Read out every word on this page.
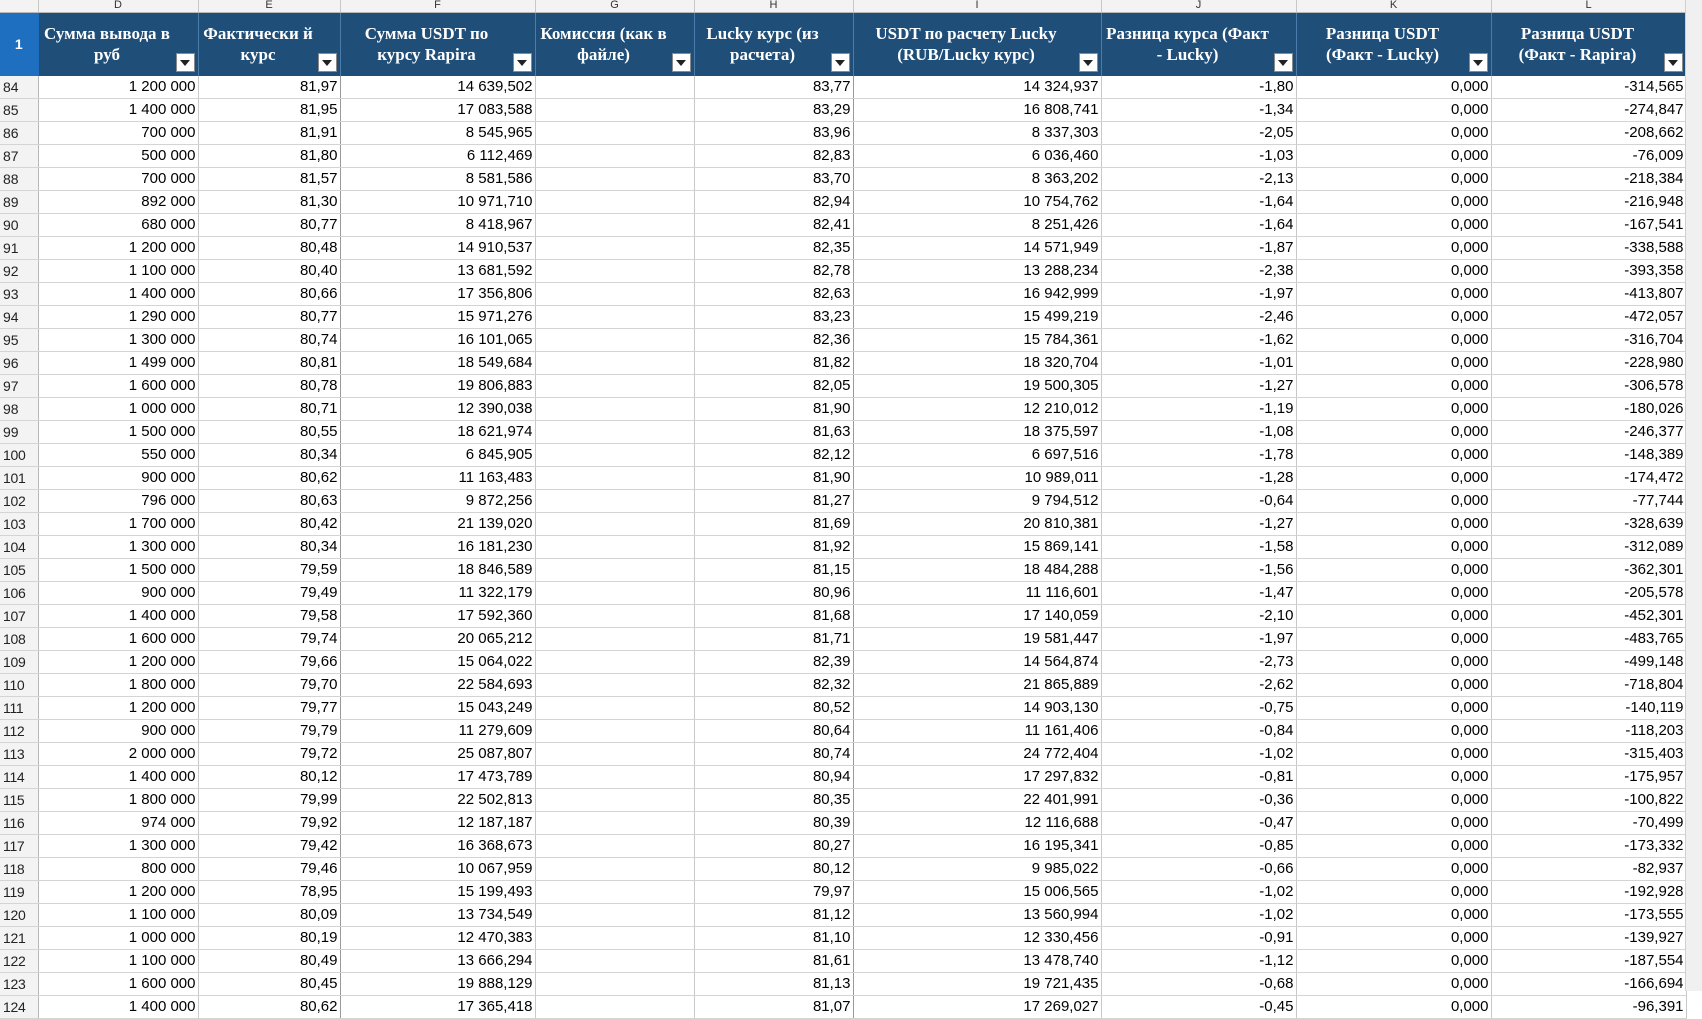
	D	E	F	G	H	I	J	K	L
1	Сумма вывода в руб	Фактически й курс	Сумма USDT по курсу Rapira	Комиссия (как в файле)	Lucky курс (из расчета)	USDT по расчету Lucky (RUB/Lucky курс)	Разница курса (Факт - Lucky)	Разница USDT (Факт - Lucky)	Разница USDT (Факт - Rapira)

84	1 200 000	81,97	14 639,502		83,77	14 324,937	-1,80	0,000	-314,565
85	1 400 000	81,95	17 083,588		83,29	16 808,741	-1,34	0,000	-274,847
86	700 000	81,91	8 545,965		83,96	8 337,303	-2,05	0,000	-208,662
87	500 000	81,80	6 112,469		82,83	6 036,460	-1,03	0,000	-76,009
88	700 000	81,57	8 581,586		83,70	8 363,202	-2,13	0,000	-218,384
89	892 000	81,30	10 971,710		82,94	10 754,762	-1,64	0,000	-216,948
90	680 000	80,77	8 418,967		82,41	8 251,426	-1,64	0,000	-167,541
91	1 200 000	80,48	14 910,537		82,35	14 571,949	-1,87	0,000	-338,588
92	1 100 000	80,40	13 681,592		82,78	13 288,234	-2,38	0,000	-393,358
93	1 400 000	80,66	17 356,806		82,63	16 942,999	-1,97	0,000	-413,807
94	1 290 000	80,77	15 971,276		83,23	15 499,219	-2,46	0,000	-472,057
95	1 300 000	80,74	16 101,065		82,36	15 784,361	-1,62	0,000	-316,704
96	1 499 000	80,81	18 549,684		81,82	18 320,704	-1,01	0,000	-228,980
97	1 600 000	80,78	19 806,883		82,05	19 500,305	-1,27	0,000	-306,578
98	1 000 000	80,71	12 390,038		81,90	12 210,012	-1,19	0,000	-180,026
99	1 500 000	80,55	18 621,974		81,63	18 375,597	-1,08	0,000	-246,377
100	550 000	80,34	6 845,905		82,12	6 697,516	-1,78	0,000	-148,389
101	900 000	80,62	11 163,483		81,90	10 989,011	-1,28	0,000	-174,472
102	796 000	80,63	9 872,256		81,27	9 794,512	-0,64	0,000	-77,744
103	1 700 000	80,42	21 139,020		81,69	20 810,381	-1,27	0,000	-328,639
104	1 300 000	80,34	16 181,230		81,92	15 869,141	-1,58	0,000	-312,089
105	1 500 000	79,59	18 846,589		81,15	18 484,288	-1,56	0,000	-362,301
106	900 000	79,49	11 322,179		80,96	11 116,601	-1,47	0,000	-205,578
107	1 400 000	79,58	17 592,360		81,68	17 140,059	-2,10	0,000	-452,301
108	1 600 000	79,74	20 065,212		81,71	19 581,447	-1,97	0,000	-483,765
109	1 200 000	79,66	15 064,022		82,39	14 564,874	-2,73	0,000	-499,148
110	1 800 000	79,70	22 584,693		82,32	21 865,889	-2,62	0,000	-718,804
111	1 200 000	79,77	15 043,249		80,52	14 903,130	-0,75	0,000	-140,119
112	900 000	79,79	11 279,609		80,64	11 161,406	-0,84	0,000	-118,203
113	2 000 000	79,72	25 087,807		80,74	24 772,404	-1,02	0,000	-315,403
114	1 400 000	80,12	17 473,789		80,94	17 297,832	-0,81	0,000	-175,957
115	1 800 000	79,99	22 502,813		80,35	22 401,991	-0,36	0,000	-100,822
116	974 000	79,92	12 187,187		80,39	12 116,688	-0,47	0,000	-70,499
117	1 300 000	79,42	16 368,673		80,27	16 195,341	-0,85	0,000	-173,332
118	800 000	79,46	10 067,959		80,12	9 985,022	-0,66	0,000	-82,937
119	1 200 000	78,95	15 199,493		79,97	15 006,565	-1,02	0,000	-192,928
120	1 100 000	80,09	13 734,549		81,12	13 560,994	-1,02	0,000	-173,555
121	1 000 000	80,19	12 470,383		81,10	12 330,456	-0,91	0,000	-139,927
122	1 100 000	80,49	13 666,294		81,61	13 478,740	-1,12	0,000	-187,554
123	1 600 000	80,45	19 888,129		81,13	19 721,435	-0,68	0,000	-166,694
124	1 400 000	80,62	17 365,418		81,07	17 269,027	-0,45	0,000	-96,391
